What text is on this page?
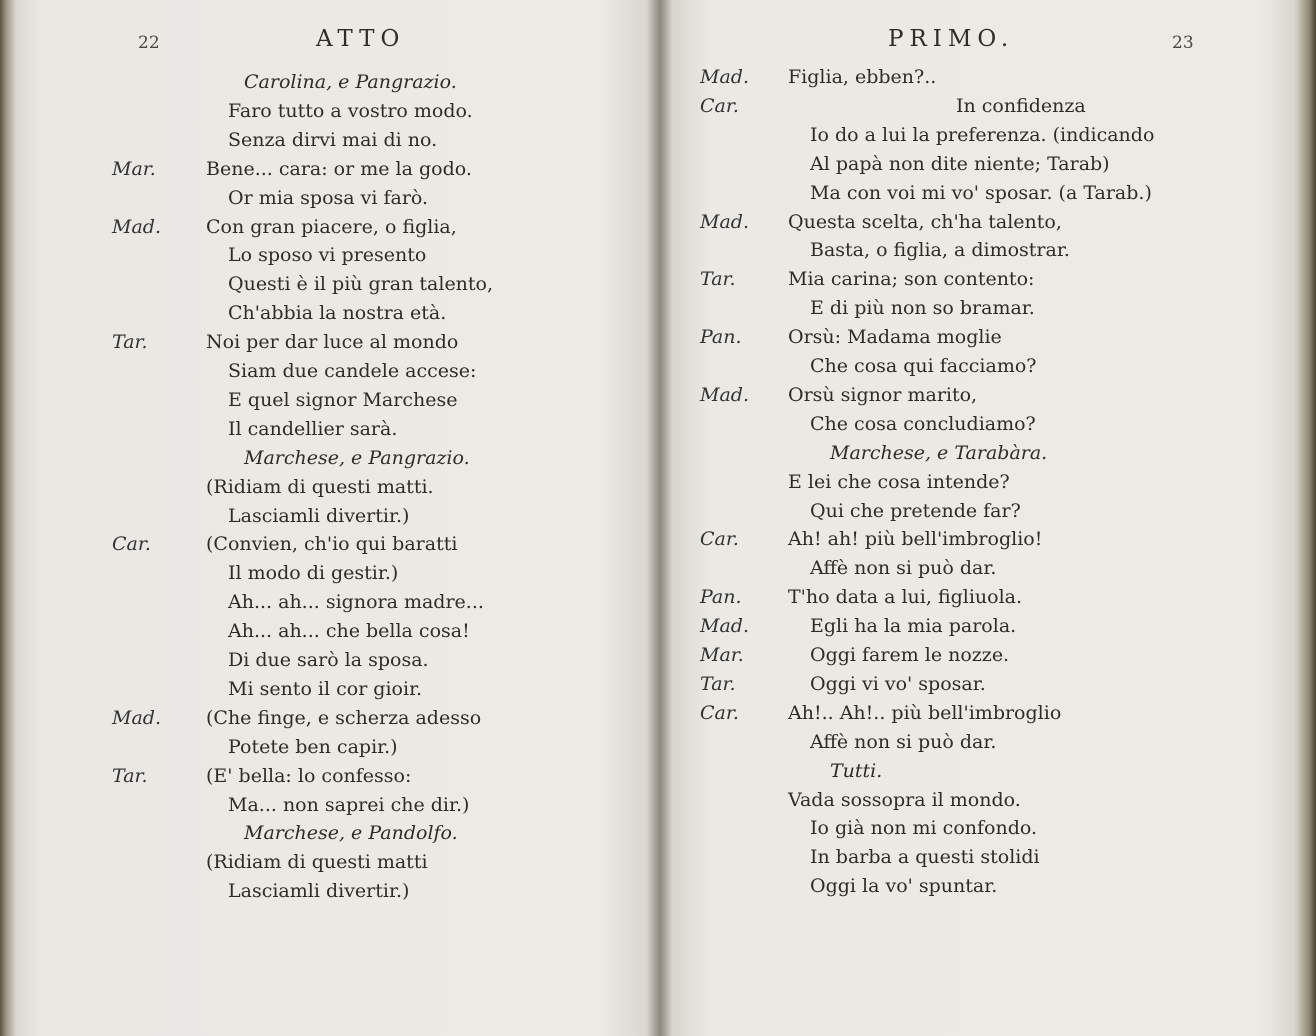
22	ATTO
Carolina, e Pangrazio.
Faro tutto a vostro modo.
Senza dirvi mai di no.
Mar.	Bene... cara: or me la godo.
Or mia sposa vi farò.
Mad. Con gran piacere, o figlia,
Lo sposo vi presento
Questi è il più gran talento,
Ch'abbia la nostra età.
Tar.	Noi per dar luce al mondo
Siam due candele accese:
E quel signor Marchese
Il candellier sarà.
Marchese, e Pangrazio.
(Ridiam di questi matti.
Lasciamli divertir.)
Car.	(Convien, ch'io qui baratti
Il modo di gestir.)
Ah... ah... signora madre...
Ah... ah... che bella cosa!
Di due sarò la sposa.
Mi sento il cor gioir.
Mad. (Che finge, e scherza adesso
Potete ben capir.)
Tar.	(E' bella: lo confesso:
Ma... non saprei che dir.)
Marchese, e Pandolfo.
(Ridiam di questi matti
Lasciamli divertir.)
PRIMO.	23
Mad. Figlia, ebben?..
Car.	In confidenza
Io do a lui la preferenza. (indicando
Al papà non dite niente; Tarab)
Ma con voi mi vo' sposar. (a Tarab.)
Mad. Questa scelta, ch'ha talento,
Basta, o figlia, a dimostrar.
Tar.	Mia carina; son contento:
E di più non so bramar.
Pan. Orsù: Madama moglie
Che cosa qui facciamo?
Mad. Orsù signor marito,
Che cosa concludiamo?
Marchese, e Tarabàra.
E lei che cosa intende?
Qui che pretende far?
Car.	Ah! ah! più bell'imbroglio!
Affè non si può dar.
Pan. T'ho data a lui, figliuola.
Mad.	Egli ha la mia parola.
Mar.	Oggi farem le nozze.
Tar.	Oggi vi vo' sposar.
Car.	Ah!.. Ah!.. più bell'imbroglio
Affè non si può dar.
Tutti.
Vada sossopra il mondo.
Io già non mi confondo.
In barba a questi stolidi
Oggi la vo' spuntar.
